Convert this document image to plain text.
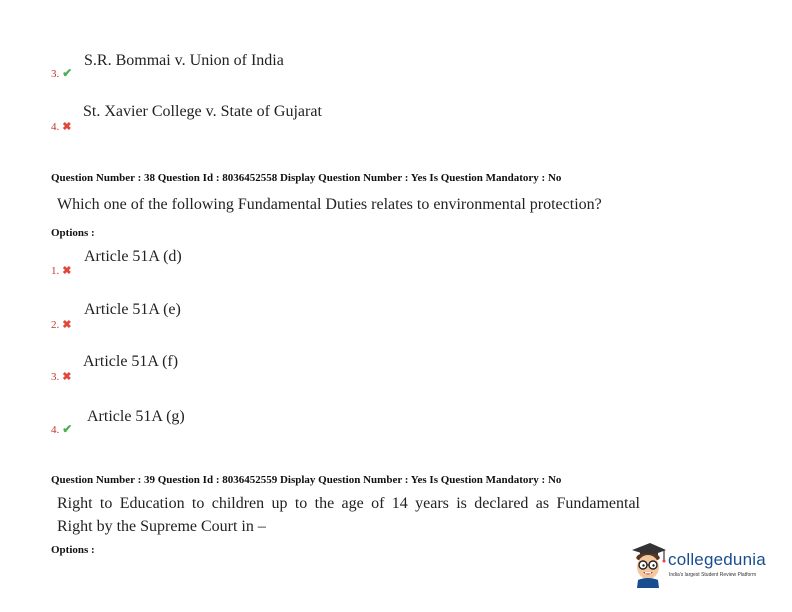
S.R. Bommai v. Union of India
3. ✔
St. Xavier College v. State of Gujarat
4. ✖
Question Number : 38 Question Id : 8036452558 Display Question Number : Yes Is Question Mandatory : No
Which one of the following Fundamental Duties relates to environmental protection?
Options :
Article 51A (d)
1. ✖
Article 51A (e)
2. ✖
Article 51A (f)
3. ✖
Article 51A (g)
4. ✔
Question Number : 39 Question Id : 8036452559 Display Question Number : Yes Is Question Mandatory : No
Right to Education to children up to the age of 14 years is declared as Fundamental
Right by the Supreme Court in –
Options :	collegedunia
India's largest Student Review Platform
